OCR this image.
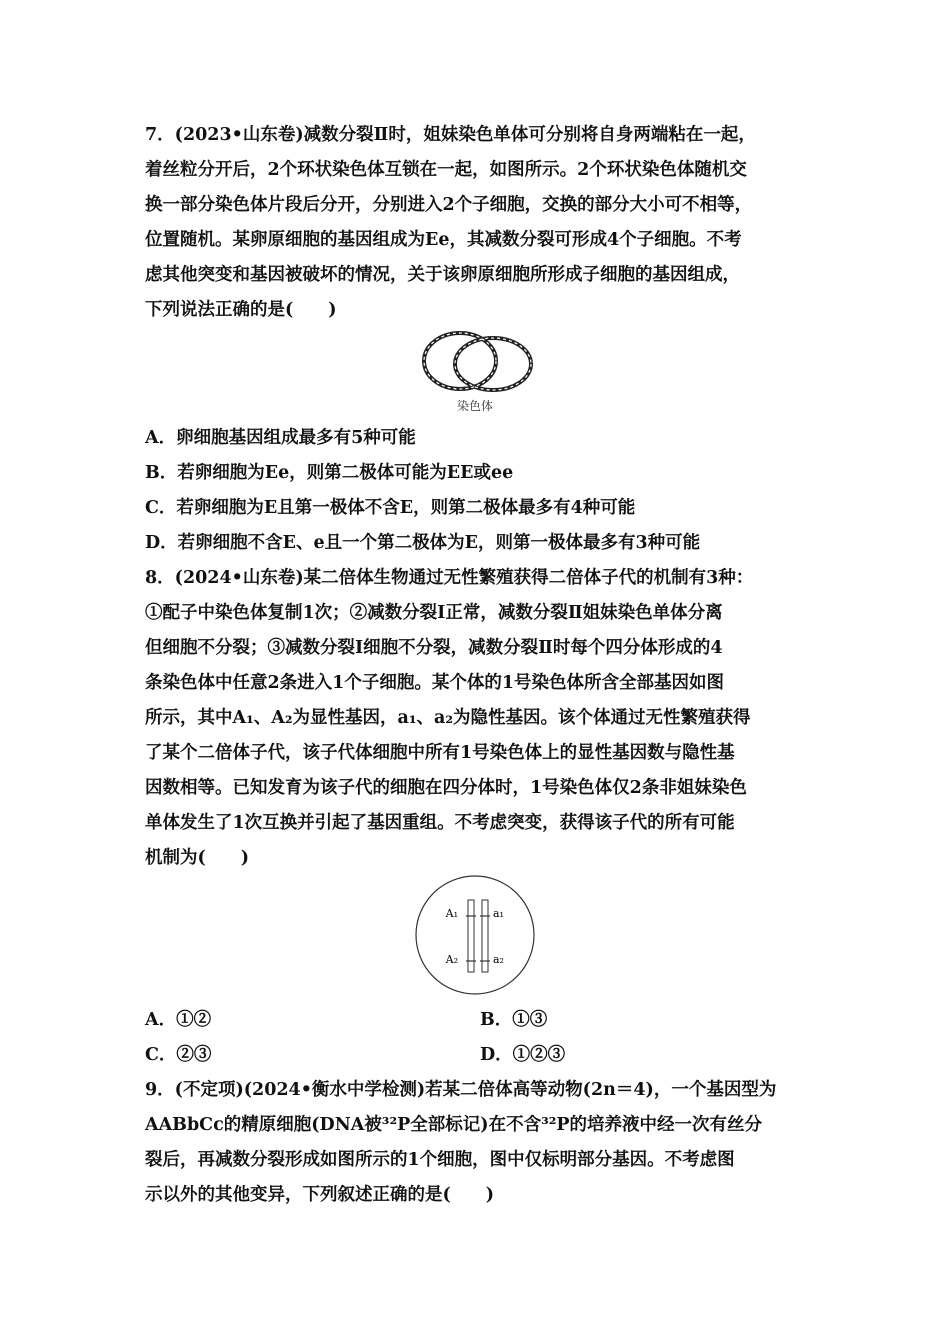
7．(2023•山东卷)减数分裂Ⅱ时，姐妹染色单体可分别将自身两端粘在一起，
着丝粒分开后，2个环状染色体互锁在一起，如图所示。2个环状染色体随机交
换一部分染色体片段后分开，分别进入2个子细胞，交换的部分大小可不相等，
位置随机。某卵原细胞的基因组成为Ee，其减数分裂可形成4个子细胞。不考
虑其他突变和基因被破坏的情况，关于该卵原细胞所形成子细胞的基因组成，
下列说法正确的是(　　)
染色体
A．卵细胞基因组成最多有5种可能
B．若卵细胞为Ee，则第二极体可能为EE或ee
C．若卵细胞为E且第一极体不含E，则第二极体最多有4种可能
D．若卵细胞不含E、e且一个第二极体为E，则第一极体最多有3种可能
8．(2024•山东卷)某二倍体生物通过无性繁殖获得二倍体子代的机制有3种：
①配子中染色体复制1次；②减数分裂Ⅰ正常，减数分裂Ⅱ姐妹染色单体分离
但细胞不分裂；③减数分裂Ⅰ细胞不分裂，减数分裂Ⅱ时每个四分体形成的4
条染色体中任意2条进入1个子细胞。某个体的1号染色体所含全部基因如图
所示，其中A₁、A₂为显性基因，a₁、a₂为隐性基因。该个体通过无性繁殖获得
了某个二倍体子代，该子代体细胞中所有1号染色体上的显性基因数与隐性基
因数相等。已知发育为该子代的细胞在四分体时，1号染色体仅2条非姐妹染色
单体发生了1次互换并引起了基因重组。不考虑突变，获得该子代的所有可能
机制为(　　)
A₁
A₂
a₁
a₂
A．①②	B．①③
C．②③	D．①②③
9．(不定项)(2024•衡水中学检测)若某二倍体高等动物(2n＝4)，一个基因型为
AABbCc的精原细胞(DNA被³²P全部标记)在不含³²P的培养液中经一次有丝分
裂后，再减数分裂形成如图所示的1个细胞，图中仅标明部分基因。不考虑图
示以外的其他变异，下列叙述正确的是(　　)
